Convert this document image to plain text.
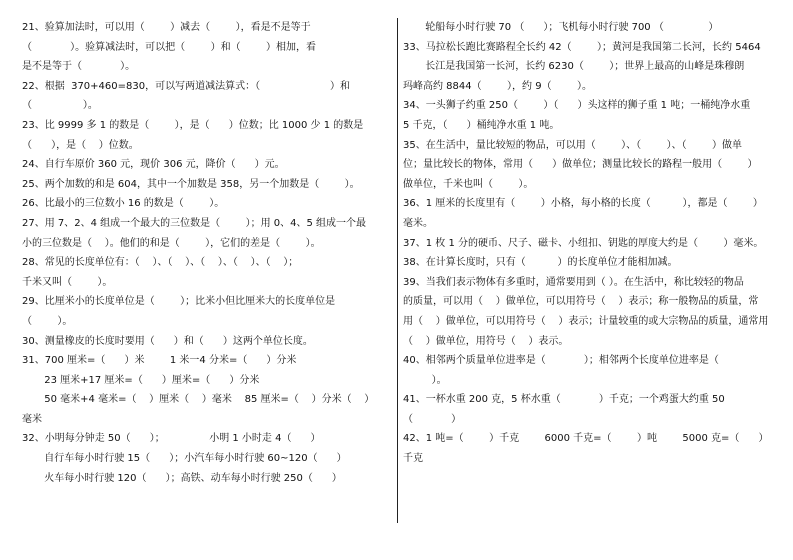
21、验算加法时，可以用（        ）减去（        ），看是不是等于
（            ）。验算减法时，可以把（        ）和（        ）相加，看
是不是等于（            ）。
22、根据  370+460=830，可以写两道减法算式：（                      ）和
（                ）。
23、比 9999 多 1 的数是（        ），是（      ）位数；比 1000 少 1 的数是
（      ），是（    ）位数。
24、自行车原价 360 元，现价 306 元，降价（      ）元。
25、两个加数的和是 604，其中一个加数是 358，另一个加数是（        ）。
26、比最小的三位数小 16 的数是（        ）。
27、用 7、2、4 组成一个最大的三位数是（        ）；用 0、4、5 组成一个最
小的三位数是（    ）。他们的和是（        ），它们的差是（        ）。
28、常见的长度单位有：（    ）、（    ）、（    ）、（    ）、（    ）；
千米又叫（        ）。
29、比厘米小的长度单位是（        ）；比米小但比厘米大的长度单位是
（        ）。
30、测量橡皮的长度时要用（      ）和（      ）这两个单位长度。
31、700 厘米=（      ）米        1 米一4 分米=（      ）分米
23 厘米+17 厘米=（      ）厘米=（      ）分米
50 毫米+4 毫米=（    ）厘米（    ）毫米    85 厘米=（    ）分米（    ）
毫米
32、小明每分钟走 50（      ）；              小明 1 小时走 4（      ）
自行车每小时行驶 15（      ）；小汽车每小时行驶 60~120（      ）
火车每小时行驶 120（      ）；高铁、动车每小时行驶 250（      ）
轮船每小时行驶 70 （      ）；飞机每小时行驶 700 （              ）
33、马拉松长跑比赛路程全长约 42（        ）；黄河是我国第二长河，长约 5464
长江是我国第一长河，长约 6230（        ）；世界上最高的山峰是珠穆朗
玛峰高约 8844（        ），约 9（        ）。
34、一头狮子约重 250（        ）（      ）头这样的狮子重 1 吨；一桶纯净水重
5 千克，（      ）桶纯净水重 1 吨。
35、在生活中，量比较短的物品，可以用（        ）、（        ）、（        ）做单
位；量比较长的物体，常用（      ）做单位；测量比较长的路程一般用（        ）
做单位，千米也叫（        ）。
36、1 厘米的长度里有（        ）小格，每小格的长度（          ），都是（        ）
毫米。
37、1 枚 1 分的硬币、尺子、磁卡、小纽扣、钥匙的厚度大约是（        ）毫米。
38、在计算长度时，只有（          ）的长度单位才能相加减。
39、当我们表示物体有多重时，通常要用到（ ）。在生活中，称比较轻的物品
的质量，可以用（    ）做单位，可以用符号（    ）表示；称一般物品的质量，常
用（    ）做单位，可以用符号（    ）表示；计量较重的或大宗物品的质量，通常用
（    ）做单位，用符号（    ）表示。
40、相邻两个质量单位进率是（            ）；相邻两个长度单位进率是（
）。
41、一杯水重 200 克，5 杯水重（            ）千克；一个鸡蛋大约重 50
（            ）
42、1 吨=（        ）千克        6000 千克=（        ）吨        5000 克=（      ）
千克
